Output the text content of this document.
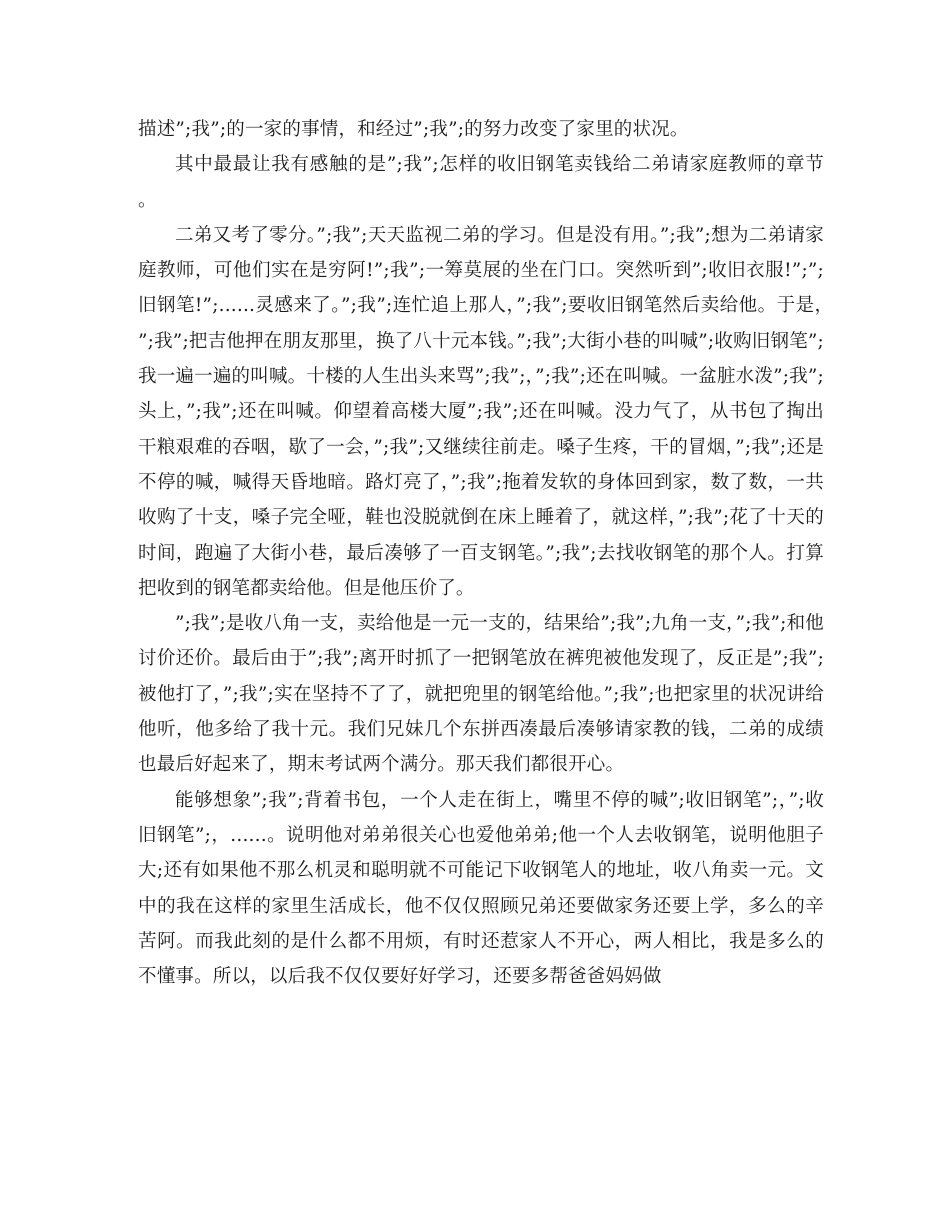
描述”;我”;的一家的事情，和经过”;我”;的努力改变了家里的状况。

其中最最让我有感触的是”;我”;怎样的收旧钢笔卖钱给二弟请家庭教师的章节。

二弟又考了零分。”;我”;天天监视二弟的学习。但是没有用。”;我”;想为二弟请家庭教师，可他们实在是穷阿!”;我”;一筹莫展的坐在门口。突然听到”;收旧衣服!”;”;旧钢笔!”;......灵感来了。”;我”;连忙追上那人，”;我”;要收旧钢笔然后卖给他。于是，”;我”;把吉他押在朋友那里，换了八十元本钱。”;我”;大街小巷的叫喊”;收购旧钢笔”;我一遍一遍的叫喊。十楼的人生出头来骂”;我”;，”;我”;还在叫喊。一盆脏水泼”;我”;头上，”;我”;还在叫喊。仰望着高楼大厦”;我”;还在叫喊。没力气了，从书包了掏出干粮艰难的吞咽，歇了一会，”;我”;又继续往前走。嗓子生疼，干的冒烟，”;我”;还是不停的喊，喊得天昏地暗。路灯亮了，”;我”;拖着发软的身体回到家，数了数，一共收购了十支，嗓子完全哑，鞋也没脱就倒在床上睡着了，就这样，”;我”;花了十天的时间，跑遍了大街小巷，最后凑够了一百支钢笔。”;我”;去找收钢笔的那个人。打算把收到的钢笔都卖给他。但是他压价了。

”;我”;是收八角一支，卖给他是一元一支的，结果给”;我”;九角一支，”;我”;和他讨价还价。最后由于”;我”;离开时抓了一把钢笔放在裤兜被他发现了，反正是”;我”;被他打了，”;我”;实在坚持不了了，就把兜里的钢笔给他。”;我”;也把家里的状况讲给他听，他多给了我十元。我们兄妹几个东拼西凑最后凑够请家教的钱，二弟的成绩也最后好起来了，期末考试两个满分。那天我们都很开心。

能够想象”;我”;背着书包，一个人走在街上，嘴里不停的喊”;收旧钢笔”;，”;收旧钢笔”;，......。说明他对弟弟很关心也爱他弟弟;他一个人去收钢笔，说明他胆子大;还有如果他不那么机灵和聪明就不可能记下收钢笔人的地址，收八角卖一元。文中的我在这样的家里生活成长，他不仅仅照顾兄弟还要做家务还要上学，多么的辛苦阿。而我此刻的是什么都不用烦，有时还惹家人不开心，两人相比，我是多么的不懂事。所以，以后我不仅仅要好好学习，还要多帮爸爸妈妈做
